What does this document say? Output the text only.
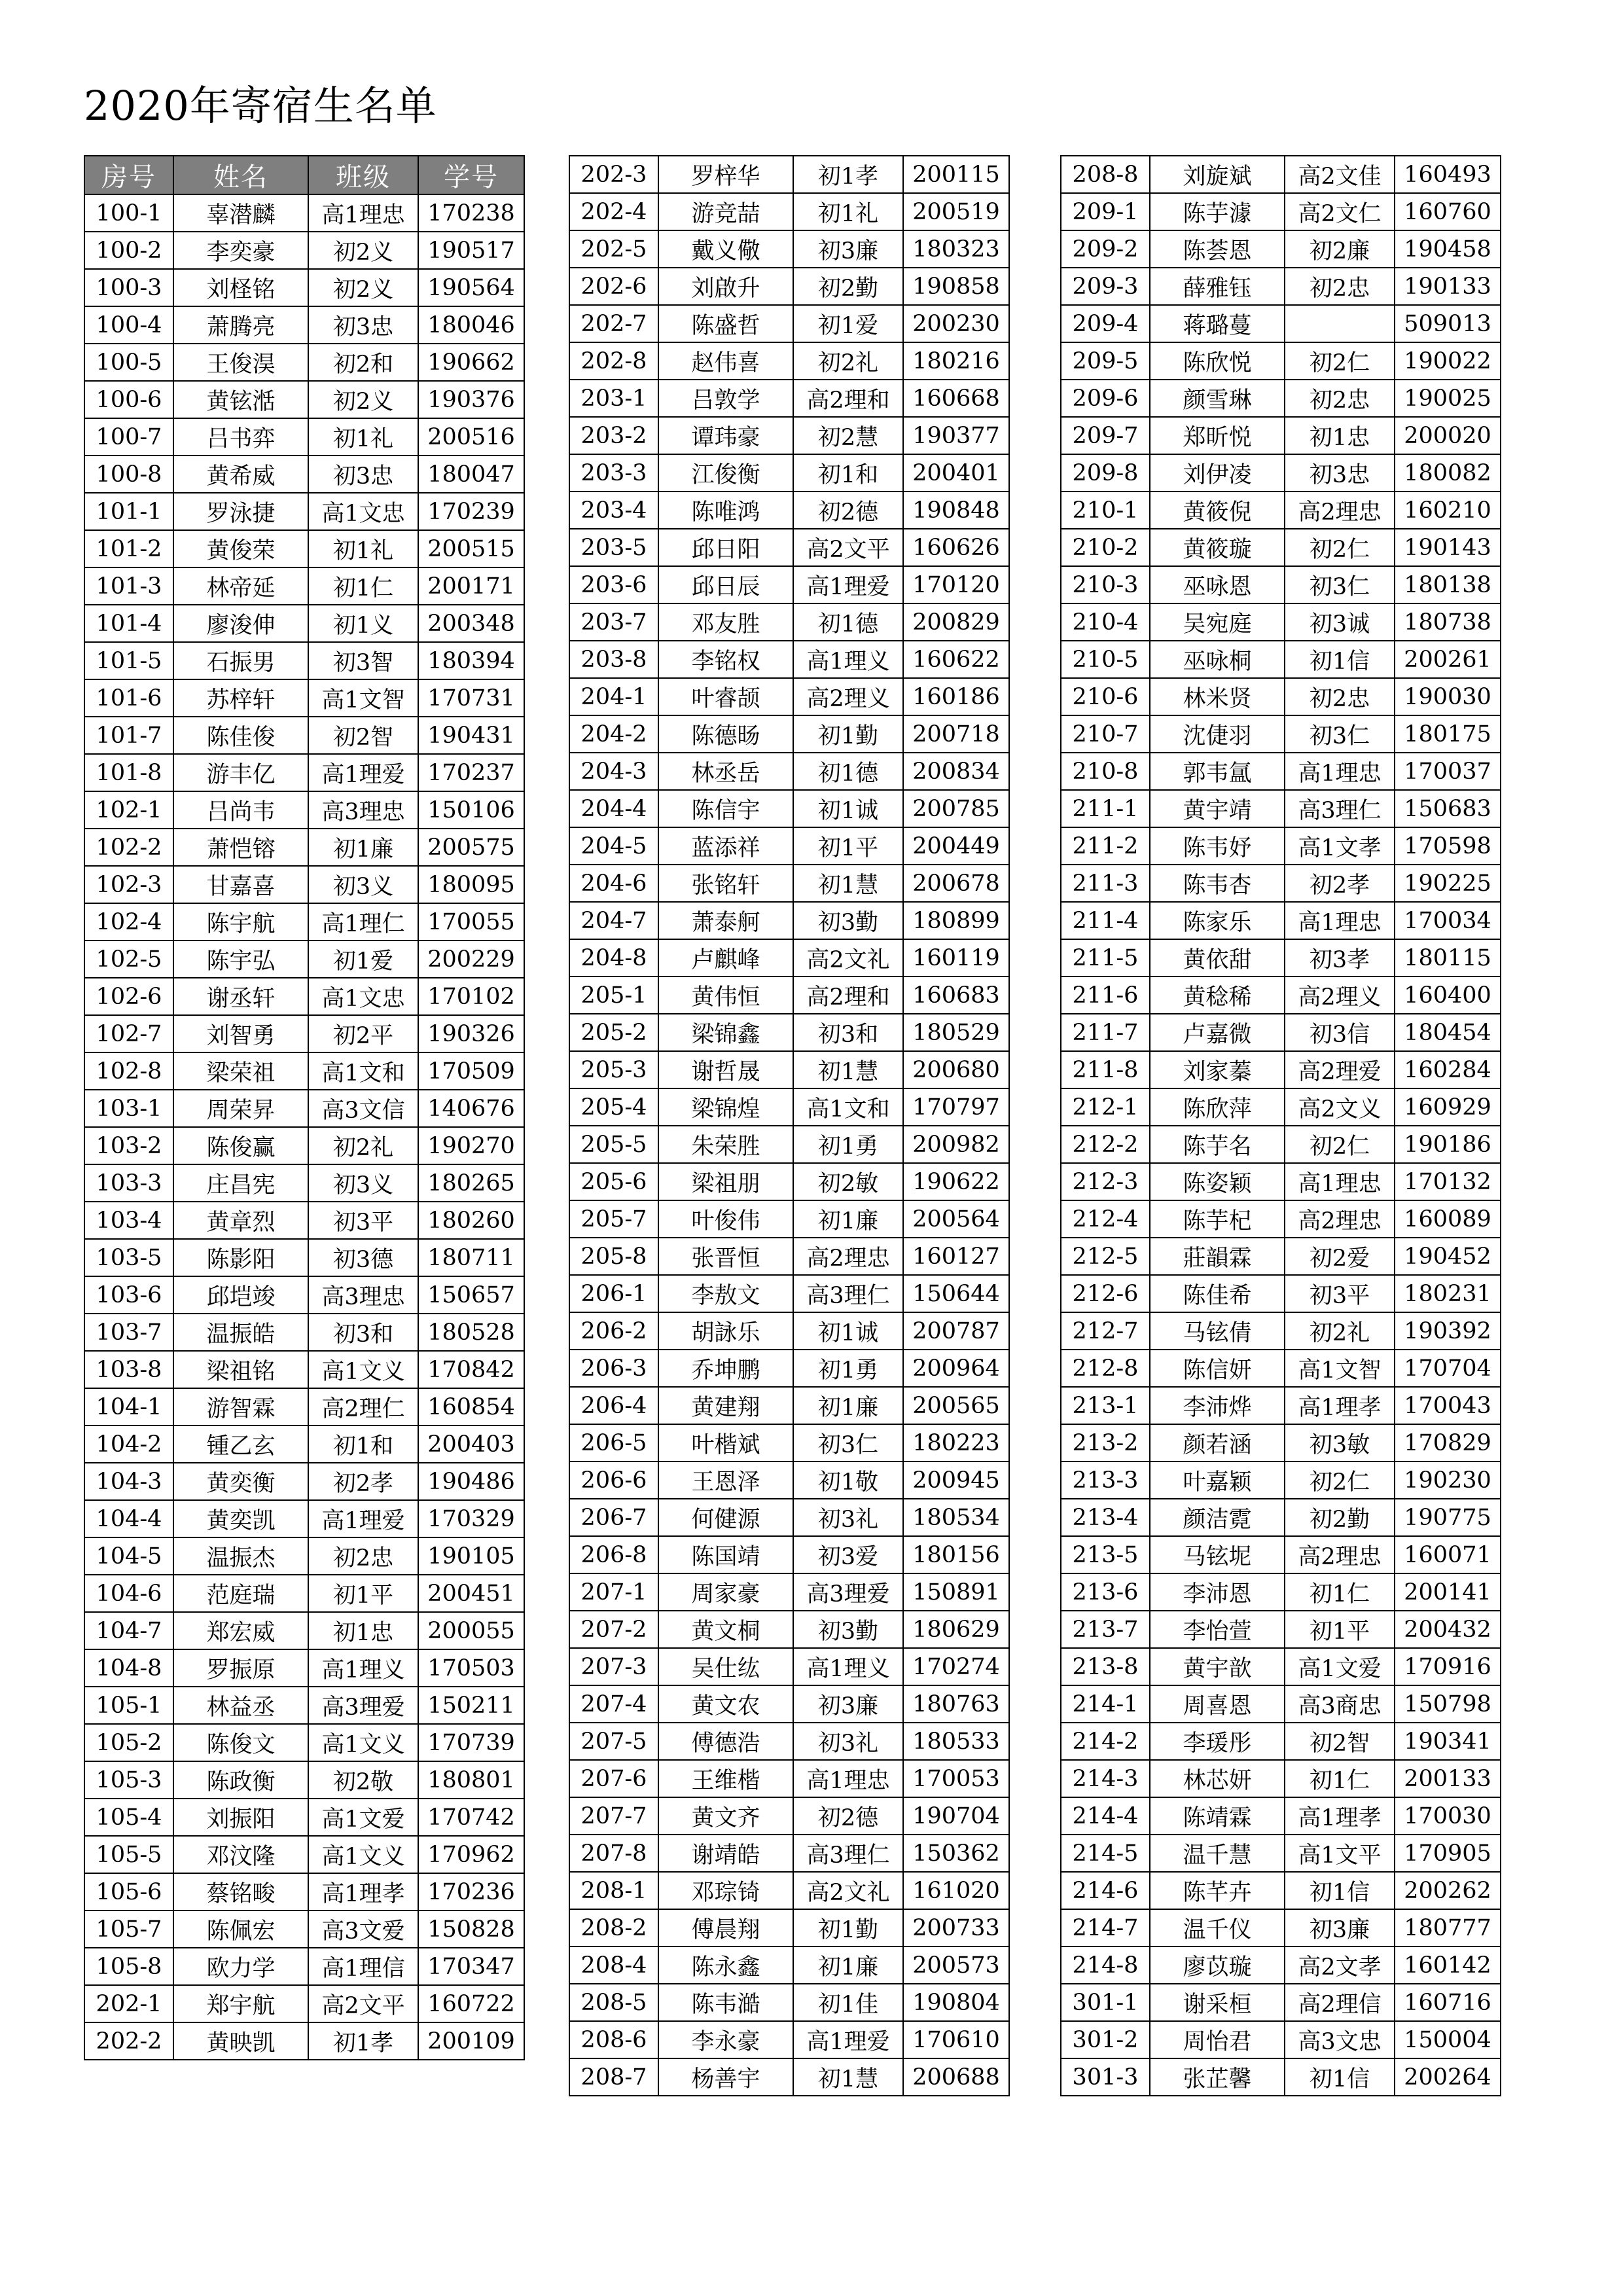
2020年寄宿生名单
房号	姓名	班级	学号
100-1	辜潜麟	高1理忠	170238
100-2	李奕豪	初2义	190517
100-3	刘柽铭	初2义	190564
100-4	萧腾亮	初3忠	180046
100-5	王俊淏	初2和	190662
100-6	黄铉湉	初2义	190376
100-7	吕书弈	初1礼	200516
100-8	黄希威	初3忠	180047
101-1	罗泳捷	高1文忠	170239
101-2	黄俊荣	初1礼	200515
101-3	林帝延	初1仁	200171
101-4	廖浚伸	初1义	200348
101-5	石振男	初3智	180394
101-6	苏梓轩	高1文智	170731
101-7	陈佳俊	初2智	190431
101-8	游丰亿	高1理爱	170237
102-1	吕尚韦	高3理忠	150106
102-2	萧恺镕	初1廉	200575
102-3	甘嘉喜	初3义	180095
102-4	陈宇航	高1理仁	170055
102-5	陈宇弘	初1爱	200229
102-6	谢丞轩	高1文忠	170102
102-7	刘智勇	初2平	190326
102-8	梁荣祖	高1文和	170509
103-1	周荣昇	高3文信	140676
103-2	陈俊赢	初2礼	190270
103-3	庄昌宪	初3义	180265
103-4	黄章烈	初3平	180260
103-5	陈影阳	初3德	180711
103-6	邱垲竣	高3理忠	150657
103-7	温振皓	初3和	180528
103-8	梁祖铭	高1文义	170842
104-1	游智霖	高2理仁	160854
104-2	锺乙玄	初1和	200403
104-3	黄奕衡	初2孝	190486
104-4	黄奕凯	高1理爱	170329
104-5	温振杰	初2忠	190105
104-6	范庭瑞	初1平	200451
104-7	郑宏威	初1忠	200055
104-8	罗振原	高1理义	170503
105-1	林益丞	高3理爱	150211
105-2	陈俊文	高1文义	170739
105-3	陈政衡	初2敬	180801
105-4	刘振阳	高1文爱	170742
105-5	邓汶隆	高1文义	170962
105-6	蔡铭畯	高1理孝	170236
105-7	陈佩宏	高3文爱	150828
105-8	欧力学	高1理信	170347
202-1	郑宇航	高2文平	160722
202-2	黄映凯	初1孝	200109
202-3	罗梓华	初1孝	200115
202-4	游竞喆	初1礼	200519
202-5	戴义儆	初3廉	180323
202-6	刘啟升	初2勤	190858
202-7	陈盛哲	初1爱	200230
202-8	赵伟喜	初2礼	180216
203-1	吕敦学	高2理和	160668
203-2	谭玮豪	初2慧	190377
203-3	江俊衡	初1和	200401
203-4	陈唯鸿	初2德	190848
203-5	邱日阳	高2文平	160626
203-6	邱日辰	高1理爱	170120
203-7	邓友胜	初1德	200829
203-8	李铭权	高1理义	160622
204-1	叶睿颉	高2理义	160186
204-2	陈德旸	初1勤	200718
204-3	林丞岳	初1德	200834
204-4	陈信宇	初1诚	200785
204-5	蓝添祥	初1平	200449
204-6	张铭轩	初1慧	200678
204-7	萧泰舸	初3勤	180899
204-8	卢麒峰	高2文礼	160119
205-1	黄伟恒	高2理和	160683
205-2	梁锦鑫	初3和	180529
205-3	谢哲晟	初1慧	200680
205-4	梁锦煌	高1文和	170797
205-5	朱荣胜	初1勇	200982
205-6	梁祖朋	初2敏	190622
205-7	叶俊伟	初1廉	200564
205-8	张晋恒	高2理忠	160127
206-1	李敖文	高3理仁	150644
206-2	胡詠乐	初1诚	200787
206-3	乔坤鹏	初1勇	200964
206-4	黄建翔	初1廉	200565
206-5	叶楷斌	初3仁	180223
206-6	王恩泽	初1敬	200945
206-7	何健源	初3礼	180534
206-8	陈国靖	初3爱	180156
207-1	周家豪	高3理爱	150891
207-2	黄文桐	初3勤	180629
207-3	吴仕纮	高1理义	170274
207-4	黄文农	初3廉	180763
207-5	傅德浩	初3礼	180533
207-6	王维楷	高1理忠	170053
207-7	黄文齐	初2德	190704
207-8	谢靖皓	高3理仁	150362
208-1	邓琮锜	高2文礼	161020
208-2	傅晨翔	初1勤	200733
208-4	陈永鑫	初1廉	200573
208-5	陈韦澔	初1佳	190804
208-6	李永豪	高1理爱	170610
208-7	杨善宇	初1慧	200688
208-8	刘旋斌	高2文佳	160493
209-1	陈芋澽	高2文仁	160760
209-2	陈荟恩	初2廉	190458
209-3	薛雅钰	初2忠	190133
209-4	蒋璐蔓		509013
209-5	陈欣悦	初2仁	190022
209-6	颜雪琳	初2忠	190025
209-7	郑昕悦	初1忠	200020
209-8	刘伊凌	初3忠	180082
210-1	黄筱倪	高2理忠	160210
210-2	黄筱璇	初2仁	190143
210-3	巫咏恩	初3仁	180138
210-4	吴宛庭	初3诚	180738
210-5	巫咏桐	初1信	200261
210-6	林米贤	初2忠	190030
210-7	沈倢羽	初3仁	180175
210-8	郭韦氲	高1理忠	170037
211-1	黄宇靖	高3理仁	150683
211-2	陈韦妤	高1文孝	170598
211-3	陈韦杏	初2孝	190225
211-4	陈家乐	高1理忠	170034
211-5	黄依甜	初3孝	180115
211-6	黄稔稀	高2理义	160400
211-7	卢嘉微	初3信	180454
211-8	刘家蓁	高2理爱	160284
212-1	陈欣萍	高2文义	160929
212-2	陈芋名	初2仁	190186
212-3	陈姿颖	高1理忠	170132
212-4	陈芋杞	高2理忠	160089
212-5	莊韻霖	初2爱	190452
212-6	陈佳希	初3平	180231
212-7	马铉倩	初2礼	190392
212-8	陈信妍	高1文智	170704
213-1	李沛烨	高1理孝	170043
213-2	颜若涵	初3敏	170829
213-3	叶嘉颖	初2仁	190230
213-4	颜洁霓	初2勤	190775
213-5	马铉坭	高2理忠	160071
213-6	李沛恩	初1仁	200141
213-7	李怡萱	初1平	200432
213-8	黄宇歆	高1文爱	170916
214-1	周喜恩	高3商忠	150798
214-2	李瑗彤	初2智	190341
214-3	林芯妍	初1仁	200133
214-4	陈靖霖	高1理孝	170030
214-5	温千慧	高1文平	170905
214-6	陈芊卉	初1信	200262
214-7	温千仪	初3廉	180777
214-8	廖苡璇	高2文孝	160142
301-1	谢采桓	高2理信	160716
301-2	周怡君	高3文忠	150004
301-3	张芷馨	初1信	200264
